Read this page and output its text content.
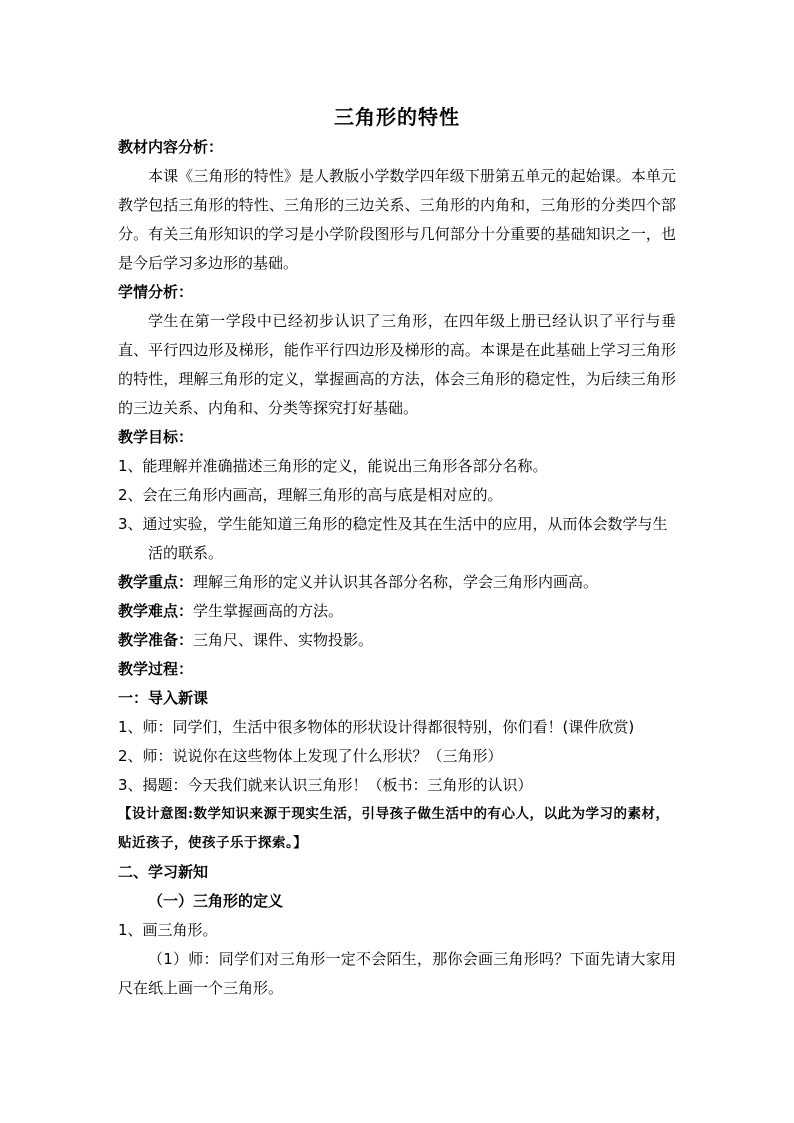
三角形的特性

教材内容分析：

本课《三角形的特性》是人教版小学数学四年级下册第五单元的起始课。本单元教学包括三角形的特性、三角形的三边关系、三角形的内角和，三角形的分类四个部分。有关三角形知识的学习是小学阶段图形与几何部分十分重要的基础知识之一，也是今后学习多边形的基础。

学情分析：

学生在第一学段中已经初步认识了三角形，在四年级上册已经认识了平行与垂直、平行四边形及梯形，能作平行四边形及梯形的高。本课是在此基础上学习三角形的特性，理解三角形的定义，掌握画高的方法，体会三角形的稳定性，为后续三角形的三边关系、内角和、分类等探究打好基础。

教学目标：

1、能理解并准确描述三角形的定义，能说出三角形各部分名称。

2、会在三角形内画高，理解三角形的高与底是相对应的。

3、通过实验，学生能知道三角形的稳定性及其在生活中的应用，从而体会数学与生活的联系。

教学重点：理解三角形的定义并认识其各部分名称，学会三角形内画高。

教学难点：学生掌握画高的方法。

教学准备：三角尺、课件、实物投影。

教学过程：

一：导入新课

1、师：同学们，生活中很多物体的形状设计得都很特别，你们看！(课件欣赏)

2、师：说说你在这些物体上发现了什么形状？（三角形）

3、揭题：今天我们就来认识三角形！（板书：三角形的认识）

【设计意图:数学知识来源于现实生活，引导孩子做生活中的有心人，以此为学习的素材，贴近孩子，使孩子乐于探索。】

二、学习新知

（一）三角形的定义

1、画三角形。

（1）师：同学们对三角形一定不会陌生，那你会画三角形吗？下面先请大家用尺在纸上画一个三角形。
